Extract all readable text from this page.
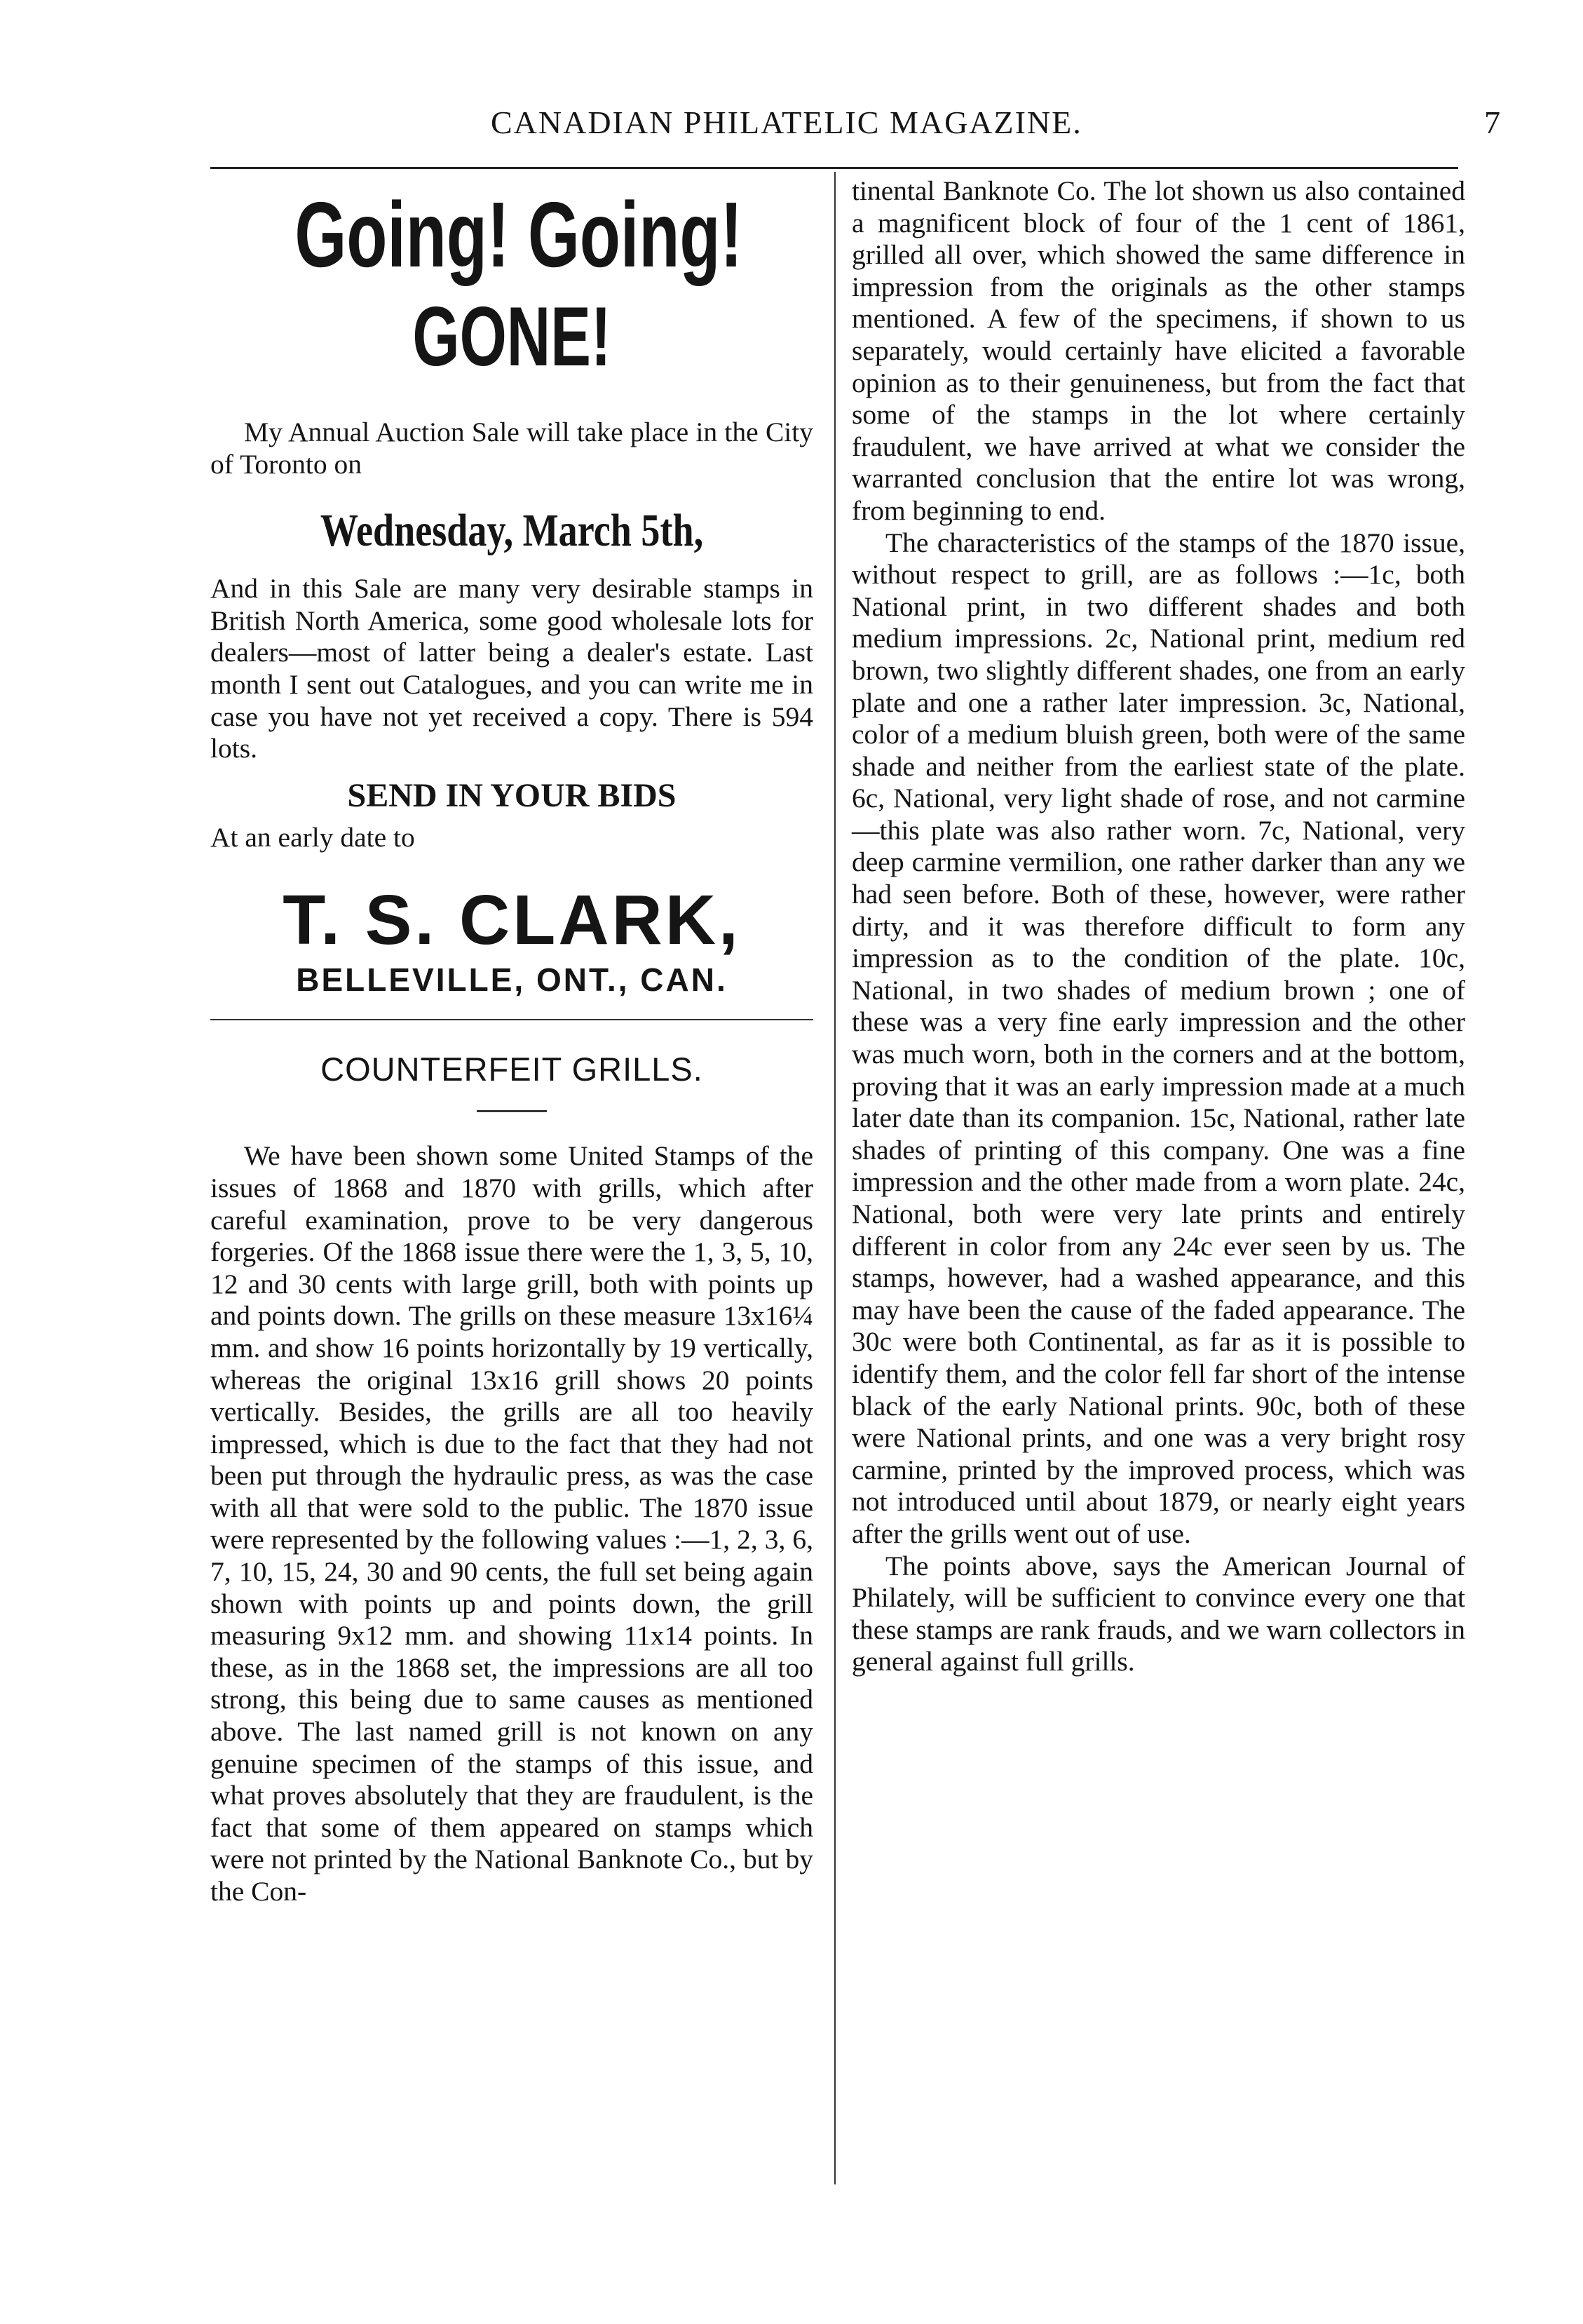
CANADIAN PHILATELIC MAGAZINE.	7
Going! Going!
GONE!

My Annual Auction Sale will take place in the City of Toronto on

Wednesday, March 5th,

And in this Sale are many very desirable stamps in British North America, some good wholesale lots for dealers—most of latter being a dealer's estate. Last month I sent out Catalogues, and you can write me in case you have not yet received a copy. There is 594 lots.

SEND IN YOUR BIDS

At an early date to

T. S. CLARK,
BELLEVILLE, ONT., CAN.
COUNTERFEIT GRILLS.

We have been shown some United Stamps of the issues of 1868 and 1870 with grills, which after careful examination, prove to be very dangerous forgeries. Of the 1868 issue there were the 1, 3, 5, 10, 12 and 30 cents with large grill, both with points up and points down. The grills on these measure 13x16¼ mm. and show 16 points horizontally by 19 vertically, whereas the original 13x16 grill shows 20 points vertically. Besides, the grills are all too heavily impressed, which is due to the fact that they had not been put through the hydraulic press, as was the case with all that were sold to the public. The 1870 issue were represented by the following values :—1, 2, 3, 6, 7, 10, 15, 24, 30 and 90 cents, the full set being again shown with points up and points down, the grill measuring 9x12 mm. and showing 11x14 points. In these, as in the 1868 set, the impressions are all too strong, this being due to same causes as mentioned above. The last named grill is not known on any genuine specimen of the stamps of this issue, and what proves absolutely that they are fraudulent, is the fact that some of them appeared on stamps which were not printed by the National Banknote Co., but by the Con-

tinental Banknote Co. The lot shown us also contained a magnificent block of four of the 1 cent of 1861, grilled all over, which showed the same difference in impression from the originals as the other stamps mentioned. A few of the specimens, if shown to us separately, would certainly have elicited a favorable opinion as to their genuineness, but from the fact that some of the stamps in the lot where certainly fraudulent, we have arrived at what we consider the warranted conclusion that the entire lot was wrong, from beginning to end.

The characteristics of the stamps of the 1870 issue, without respect to grill, are as follows :—1c, both National print, in two different shades and both medium impressions. 2c, National print, medium red brown, two slightly different shades, one from an early plate and one a rather later impression. 3c, National, color of a medium bluish green, both were of the same shade and neither from the earliest state of the plate. 6c, National, very light shade of rose, and not carmine—this plate was also rather worn. 7c, National, very deep carmine vermilion, one rather darker than any we had seen before. Both of these, however, were rather dirty, and it was therefore difficult to form any impression as to the condition of the plate. 10c, National, in two shades of medium brown ; one of these was a very fine early impression and the other was much worn, both in the corners and at the bottom, proving that it was an early impression made at a much later date than its companion. 15c, National, rather late shades of printing of this company. One was a fine impression and the other made from a worn plate. 24c, National, both were very late prints and entirely different in color from any 24c ever seen by us. The stamps, however, had a washed appearance, and this may have been the cause of the faded appearance. The 30c were both Continental, as far as it is possible to identify them, and the color fell far short of the intense black of the early National prints. 90c, both of these were National prints, and one was a very bright rosy carmine, printed by the improved process, which was not introduced until about 1879, or nearly eight years after the grills went out of use.

The points above, says the American Journal of Philately, will be sufficient to convince every one that these stamps are rank frauds, and we warn collectors in general against full grills.
